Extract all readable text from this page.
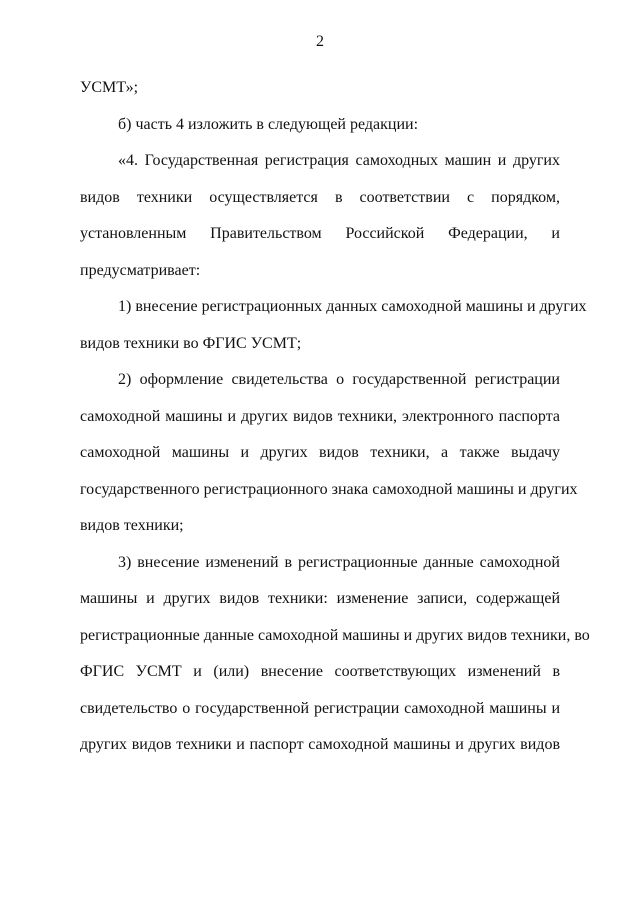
2
УСМТ»;
б) часть 4 изложить в следующей редакции:
«4. Государственная регистрация самоходных машин и других
видов техники осуществляется в соответствии с порядком,
установленным Правительством Российской Федерации, и
предусматривает:
1) внесение регистрационных данных самоходной машины и других
видов техники во ФГИС УСМТ;
2) оформление свидетельства о государственной регистрации
самоходной машины и других видов техники, электронного паспорта
самоходной машины и других видов техники, а также выдачу
государственного регистрационного знака самоходной машины и других
видов техники;
3) внесение изменений в регистрационные данные самоходной
машины и других видов техники: изменение записи, содержащей
регистрационные данные самоходной машины и других видов техники, во
ФГИС УСМТ и (или) внесение соответствующих изменений в
свидетельство о государственной регистрации самоходной машины и
других видов техники и паспорт самоходной машины и других видов
